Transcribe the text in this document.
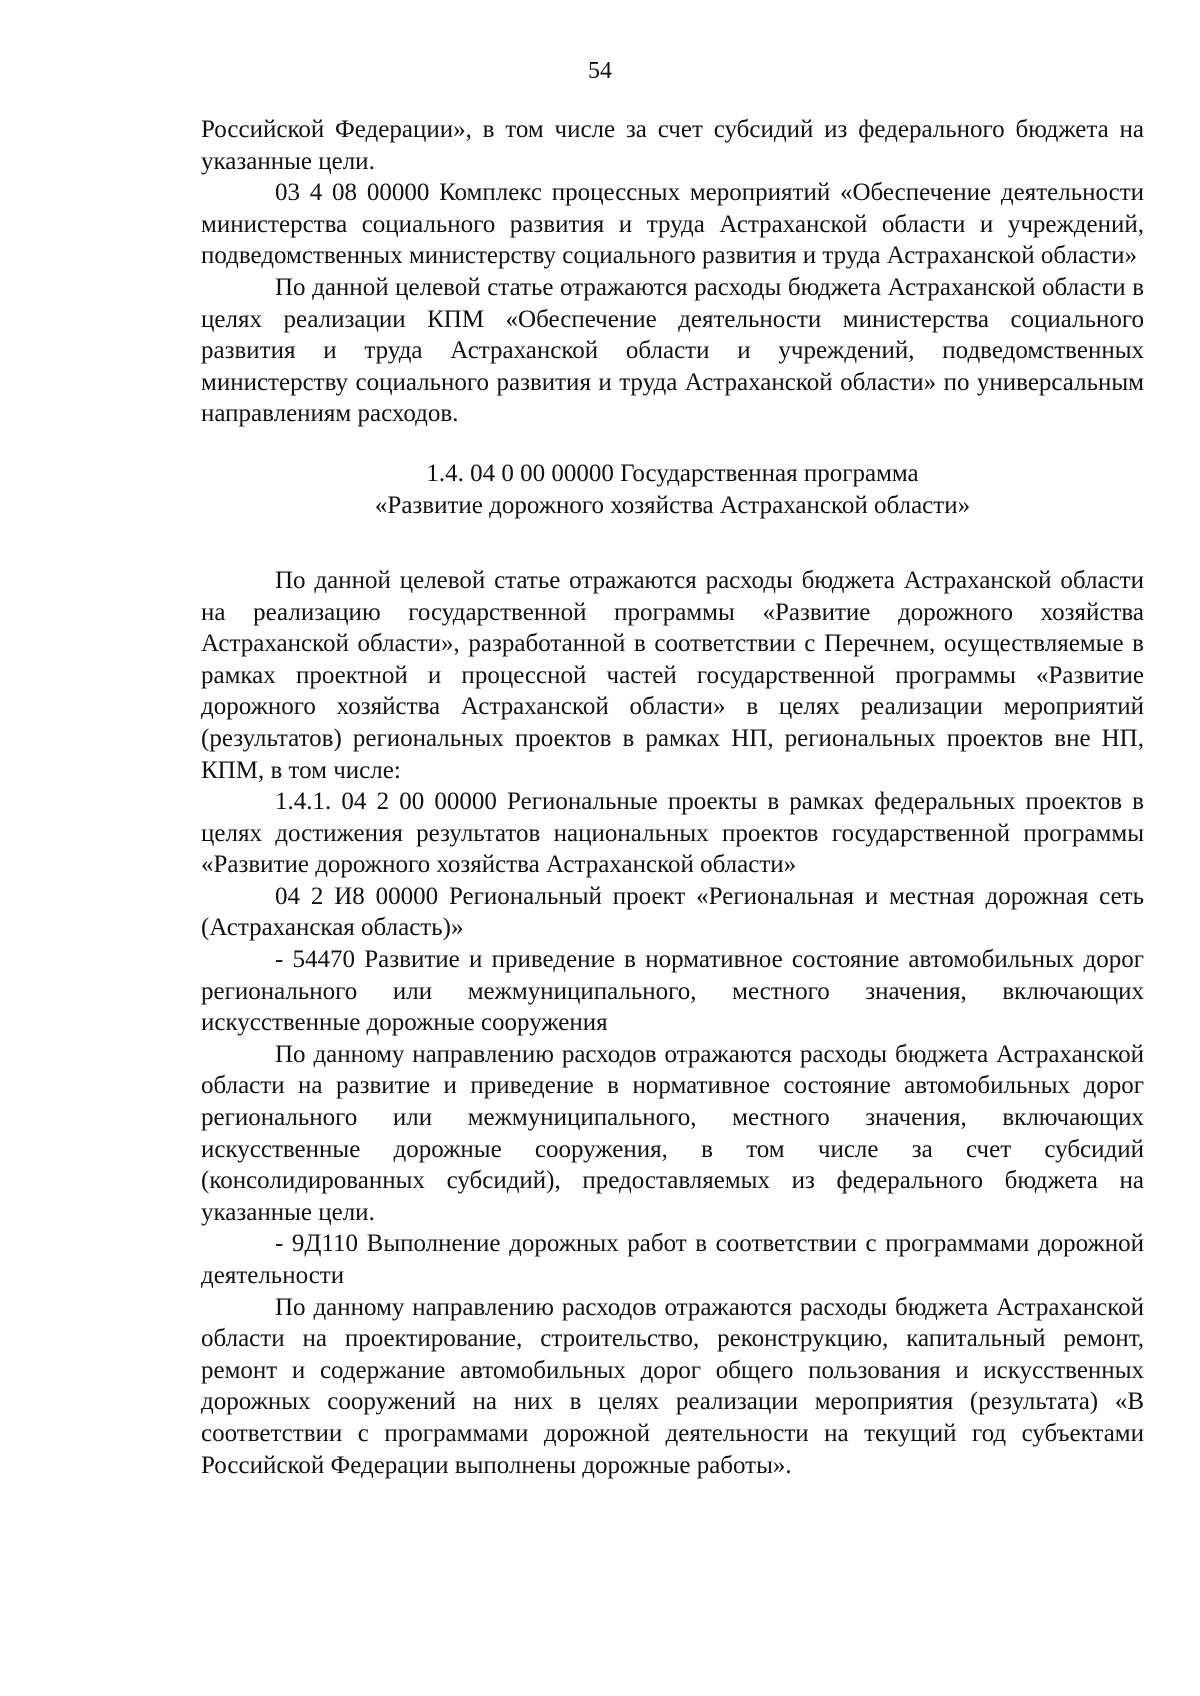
54

Российской Федерации», в том числе за счет субсидий из федерального бюджета на указанные цели.

03 4 08 00000 Комплекс процессных мероприятий «Обеспечение деятельности министерства социального развития и труда Астраханской области и учреждений, подведомственных министерству социального развития и труда Астраханской области»

По данной целевой статье отражаются расходы бюджета Астраханской области в целях реализации КПМ «Обеспечение деятельности министерства социального развития и труда Астраханской области и учреждений, подведомственных министерству социального развития и труда Астраханской области» по универсальным направлениям расходов.

1.4. 04 0 00 00000 Государственная программа
«Развитие дорожного хозяйства Астраханской области»

По данной целевой статье отражаются расходы бюджета Астраханской области на реализацию государственной программы «Развитие дорожного хозяйства Астраханской области», разработанной в соответствии с Перечнем, осуществляемые в рамках проектной и процессной частей государственной программы «Развитие дорожного хозяйства Астраханской области» в целях реализации мероприятий (результатов) региональных проектов в рамках НП, региональных проектов вне НП, КПМ, в том числе:

1.4.1. 04 2 00 00000 Региональные проекты в рамках федеральных проектов в целях достижения результатов национальных проектов государственной программы «Развитие дорожного хозяйства Астраханской области»

04 2 И8 00000 Региональный проект «Региональная и местная дорожная сеть (Астраханская область)»

- 54470 Развитие и приведение в нормативное состояние автомобильных дорог регионального или межмуниципального, местного значения, включающих искусственные дорожные сооружения

По данному направлению расходов отражаются расходы бюджета Астраханской области на развитие и приведение в нормативное состояние автомобильных дорог регионального или межмуниципального, местного значения, включающих искусственные дорожные сооружения, в том числе за счет субсидий (консолидированных субсидий), предоставляемых из федерального бюджета на указанные цели.

- 9Д110 Выполнение дорожных работ в соответствии с программами дорожной деятельности

По данному направлению расходов отражаются расходы бюджета Астраханской области на проектирование, строительство, реконструкцию, капитальный ремонт, ремонт и содержание автомобильных дорог общего пользования и искусственных дорожных сооружений на них в целях реализации мероприятия (результата) «В соответствии с программами дорожной деятельности на текущий год субъектами Российской Федерации выполнены дорожные работы».
